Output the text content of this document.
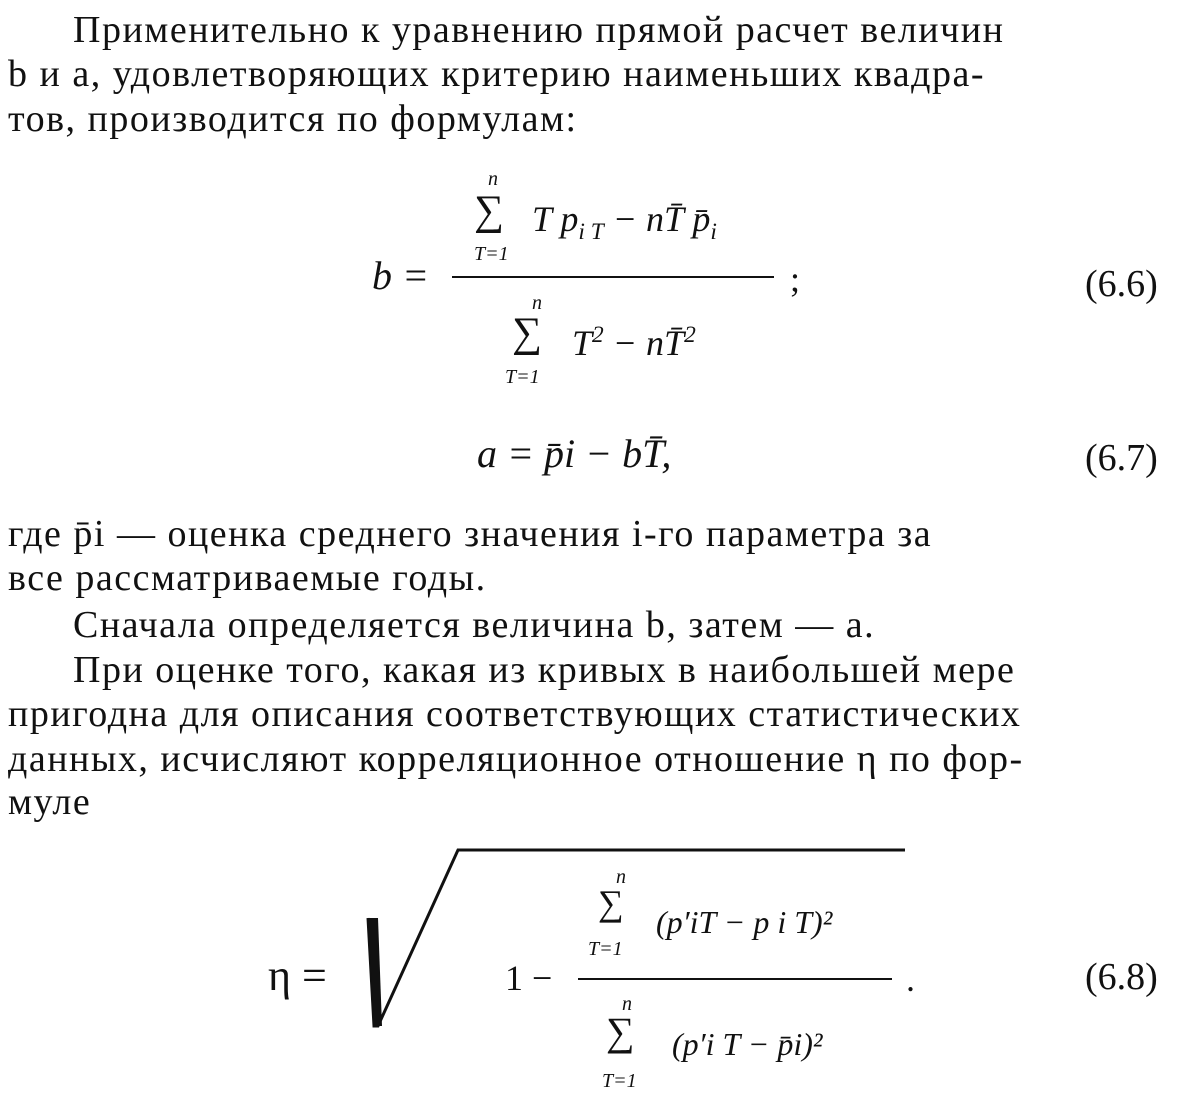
Применительно к уравнению прямой расчет величин
b и a, удовлетворяющих критерию наименьших квадра-
тов, производится по формулам:
b =
n
∑
T=1
T $p_{i T}$ − nT̄ $p̄_i$
;
n
∑
T=1
$T^2$ − nT̄$^2$
(6.6)
a = p̄i − bT̄,	(6.7)
где p̄i — оценка среднего значения i-го параметра за
все рассматриваемые годы.
Сначала определяется величина b, затем — a.
При оценке того, какая из кривых в наибольшей мере
пригодна для описания соответствующих статистических
данных, исчисляют корреляционное отношение η по фор-
муле
η =	1 −
n
∑
T=1
(p′iT − p i T)²
.
n
∑
T=1
(p′i T − p̄i)²
(6.8)
